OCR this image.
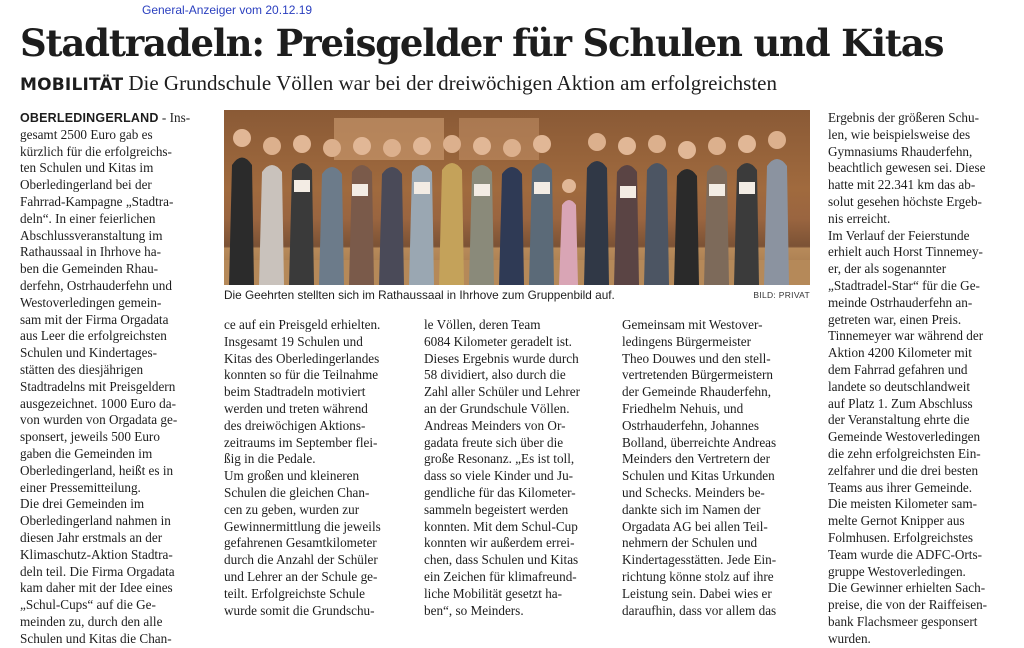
General-Anzeiger vom 20.12.19
Stadtradeln: Preisgelder für Schulen und Kitas
MOBILITÄT Die Grundschule Völlen war bei der dreiwöchigen Aktion am erfolgreichsten
Die Geehrten stellten sich im Rathaussaal in Ihrhove zum Gruppenbild auf.	BILD: PRIVAT
OBERLEDINGERLAND - Ins-
gesamt 2500 Euro gab es
kürzlich für die erfolgreichs-
ten Schulen und Kitas im
Oberledingerland bei der
Fahrrad-Kampagne „Stadtra-
deln“. In einer feierlichen
Abschlussveranstaltung im
Rathaussaal in Ihrhove ha-
ben die Gemeinden Rhau-
derfehn, Ostrhauderfehn und
Westoverledingen gemein-
sam mit der Firma Orgadata
aus Leer die erfolgreichsten
Schulen und Kindertages-
stätten des diesjährigen
Stadtradelns mit Preisgeldern
ausgezeichnet. 1000 Euro da-
von wurden von Orgadata ge-
sponsert, jeweils 500 Euro
gaben die Gemeinden im
Oberledingerland, heißt es in
einer Pressemitteilung.
Die drei Gemeinden im
Oberledingerland nahmen in
diesen Jahr erstmals an der
Klimaschutz-Aktion Stadtra-
deln teil. Die Firma Orgadata
kam daher mit der Idee eines
„Schul-Cups“ auf die Ge-
meinden zu, durch den alle
Schulen und Kitas die Chan-
ce auf ein Preisgeld erhielten.
Insgesamt 19 Schulen und
Kitas des Oberledingerlandes
konnten so für die Teilnahme
beim Stadtradeln motiviert
werden und treten während
des dreiwöchigen Aktions-
zeitraums im September flei-
ßig in die Pedale.
Um großen und kleineren
Schulen die gleichen Chan-
cen zu geben, wurden zur
Gewinnermittlung die jeweils
gefahrenen Gesamtkilometer
durch die Anzahl der Schüler
und Lehrer an der Schule ge-
teilt. Erfolgreichste Schule
wurde somit die Grundschu-
le Völlen, deren Team
6084 Kilometer geradelt ist.
Dieses Ergebnis wurde durch
58 dividiert, also durch die
Zahl aller Schüler und Lehrer
an der Grundschule Völlen.
Andreas Meinders von Or-
gadata freute sich über die
große Resonanz. „Es ist toll,
dass so viele Kinder und Ju-
gendliche für das Kilometer-
sammeln begeistert werden
konnten. Mit dem Schul-Cup
konnten wir außerdem errei-
chen, dass Schulen und Kitas
ein Zeichen für klimafreund-
liche Mobilität gesetzt ha-
ben“, so Meinders.
Gemeinsam mit Westover-
ledingens Bürgermeister
Theo Douwes und den stell-
vertretenden Bürgermeistern
der Gemeinde Rhauderfehn,
Friedhelm Nehuis, und
Ostrhauderfehn, Johannes
Bolland, überreichte Andreas
Meinders den Vertretern der
Schulen und Kitas Urkunden
und Schecks. Meinders be-
dankte sich im Namen der
Orgadata AG bei allen Teil-
nehmern der Schulen und
Kindertagesstätten. Jede Ein-
richtung könne stolz auf ihre
Leistung sein. Dabei wies er
daraufhin, dass vor allem das
Ergebnis der größeren Schu-
len, wie beispielsweise des
Gymnasiums Rhauderfehn,
beachtlich gewesen sei. Diese
hatte mit 22.341 km das ab-
solut gesehen höchste Ergeb-
nis erreicht.
Im Verlauf der Feierstunde
erhielt auch Horst Tinnemey-
er, der als sogenannter
„Stadtradel-Star“ für die Ge-
meinde Ostrhauderfehn an-
getreten war, einen Preis.
Tinnemeyer war während der
Aktion 4200 Kilometer mit
dem Fahrrad gefahren und
landete so deutschlandweit
auf Platz 1. Zum Abschluss
der Veranstaltung ehrte die
Gemeinde Westoverledingen
die zehn erfolgreichsten Ein-
zelfahrer und die drei besten
Teams aus ihrer Gemeinde.
Die meisten Kilometer sam-
melte Gernot Knipper aus
Folmhusen. Erfolgreichstes
Team wurde die ADFC-Orts-
gruppe Westoverledingen.
Die Gewinner erhielten Sach-
preise, die von der Raiffeisen-
bank Flachsmeer gesponsert
wurden.
